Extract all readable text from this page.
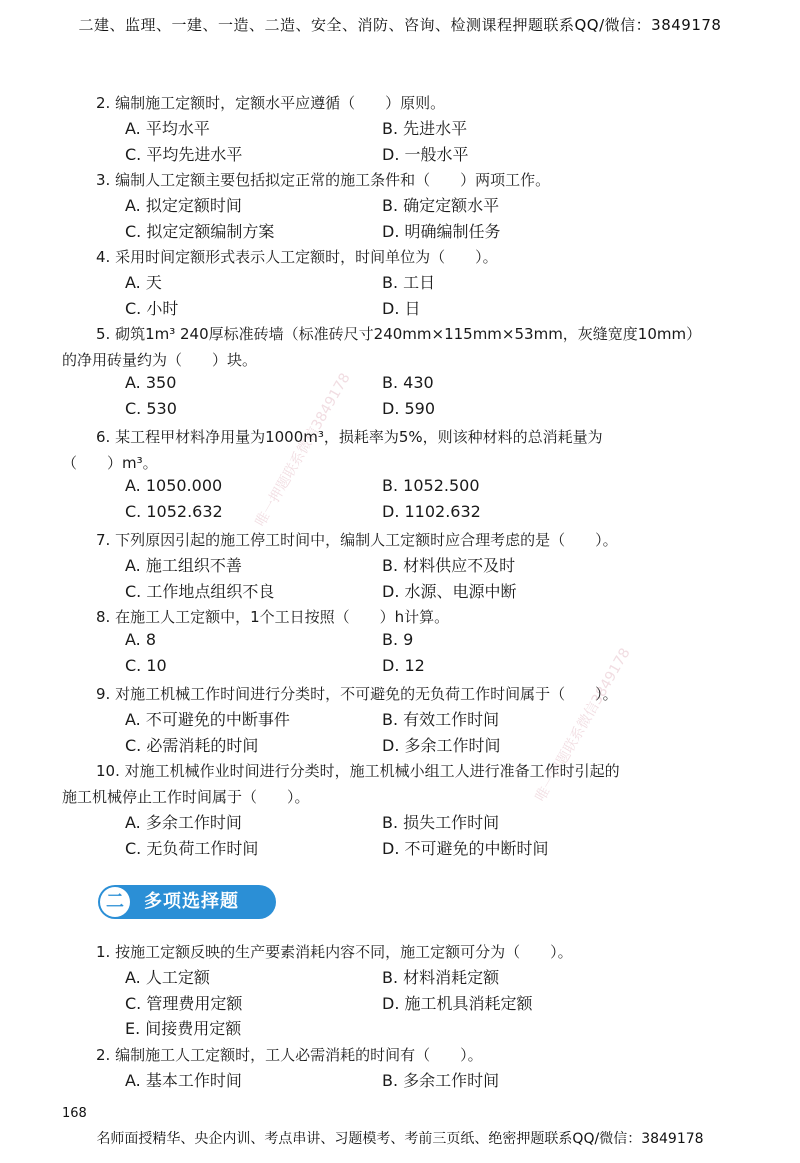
二建、监理、一建、一造、二造、安全、消防、咨询、检测课程押题联系QQ/微信：3849178
唯一押题联系微信3849178
唯一押题联系微信3849178
2. 编制施工定额时，定额水平应遵循（　　）原则。
A. 平均水平	B. 先进水平
C. 平均先进水平	D. 一般水平
3. 编制人工定额主要包括拟定正常的施工条件和（　　）两项工作。
A. 拟定定额时间	B. 确定定额水平
C. 拟定定额编制方案	D. 明确编制任务
4. 采用时间定额形式表示人工定额时，时间单位为（　　）。
A. 天	B. 工日
C. 小时	D. 日
5. 砌筑1m³ 240厚标准砖墙（标准砖尺寸240mm×115mm×53mm，灰缝宽度10mm）
的净用砖量约为（　　）块。
A. 350	B. 430
C. 530	D. 590
6. 某工程甲材料净用量为1000m³，损耗率为5%，则该种材料的总消耗量为
（　　）m³。
A. 1050.000	B. 1052.500
C. 1052.632	D. 1102.632
7. 下列原因引起的施工停工时间中，编制人工定额时应合理考虑的是（　　）。
A. 施工组织不善	B. 材料供应不及时
C. 工作地点组织不良	D. 水源、电源中断
8. 在施工人工定额中，1个工日按照（　　）h计算。
A. 8	B. 9
C. 10	D. 12
9. 对施工机械工作时间进行分类时，不可避免的无负荷工作时间属于（　　）。
A. 不可避免的中断事件	B. 有效工作时间
C. 必需消耗的时间	D. 多余工作时间
10. 对施工机械作业时间进行分类时，施工机械小组工人进行准备工作时引起的
施工机械停止工作时间属于（　　）。
A. 多余工作时间	B. 损失工作时间
C. 无负荷工作时间	D. 不可避免的中断时间
二	多项选择题
1. 按施工定额反映的生产要素消耗内容不同，施工定额可分为（　　）。
A. 人工定额	B. 材料消耗定额
C. 管理费用定额	D. 施工机具消耗定额
E. 间接费用定额
2. 编制施工人工定额时，工人必需消耗的时间有（　　）。
A. 基本工作时间	B. 多余工作时间
168
名师面授精华、央企内训、考点串讲、习题模考、考前三页纸、绝密押题联系QQ/微信：3849178
